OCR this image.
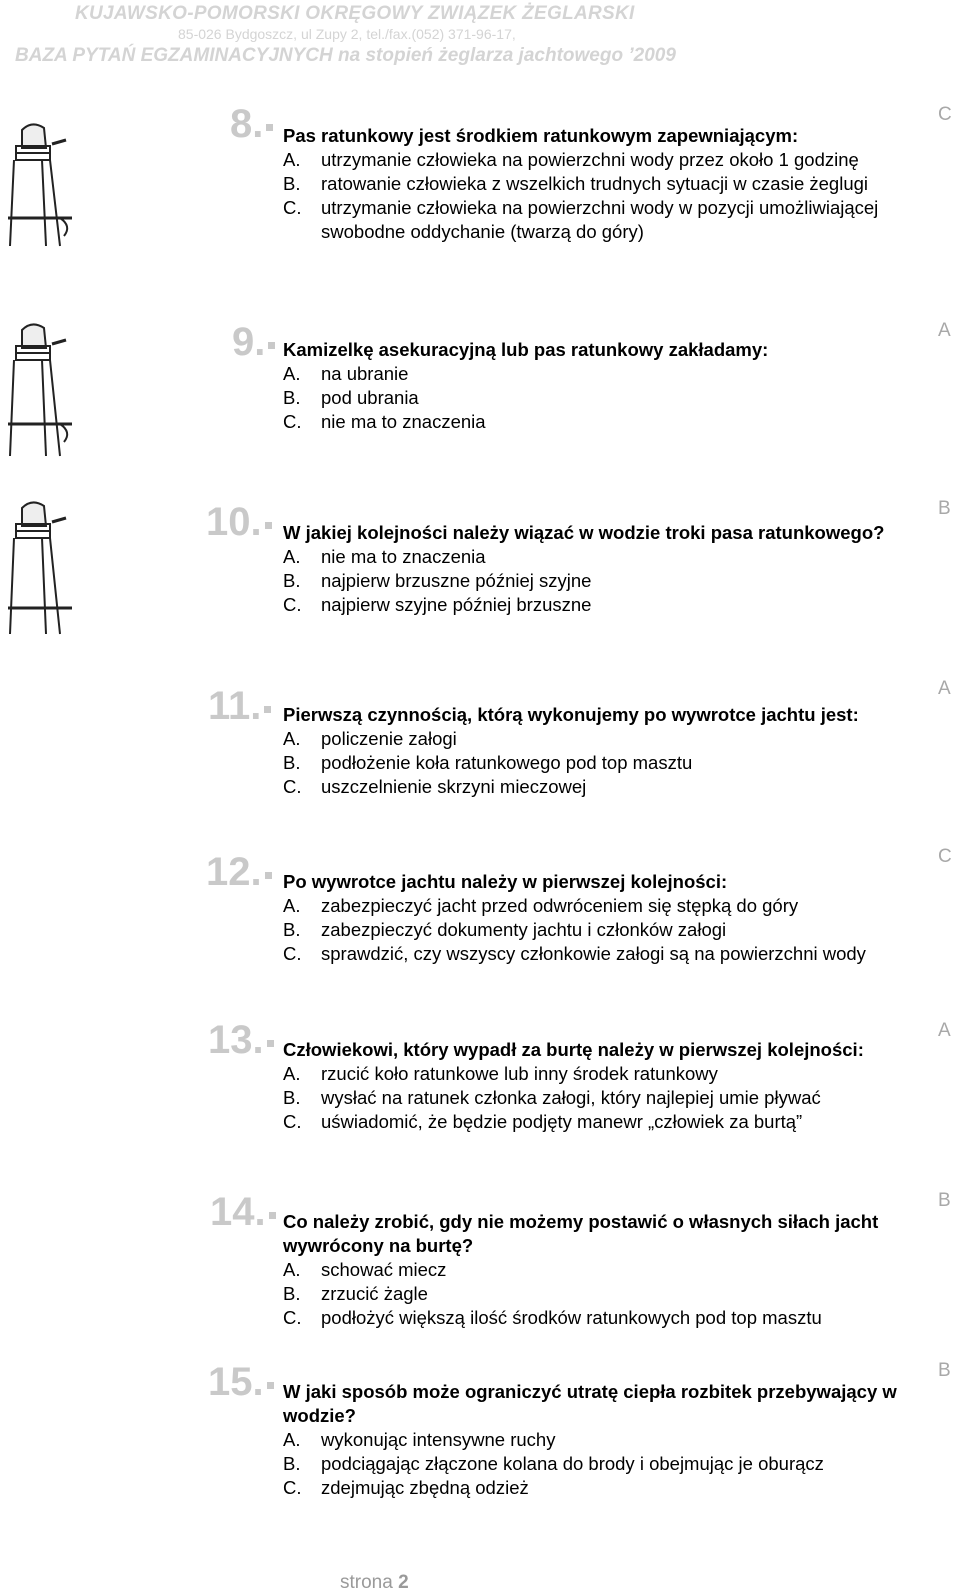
KUJAWSKO-POMORSKI OKRĘGOWY ZWIĄZEK ŻEGLARSKI
85-026 Bydgoszcz, ul Zupy 2, tel./fax.(052) 371-96-17,
BAZA PYTAŃ EGZAMINACYJNYCH na stopień żeglarza jachtowego ’2009
8.	Pas ratunkowy jest środkiem ratunkowym zapewniającym:
A. utrzymanie człowieka na powierzchni wody przez około 1 godzinę
B. ratowanie człowieka z wszelkich trudnych sytuacji w czasie żeglugi
C. utrzymanie człowieka na powierzchni wody w pozycji umożliwiającej swobodne oddychanie (twarzą do góry)
C
9. Kamizelkę asekuracyjną lub pas ratunkowy zakładamy:
A. na ubranie
B. pod ubrania
C. nie ma to znaczenia
A
10.	W jakiej kolejności należy wiązać w wodzie troki pasa ratunkowego?
A. nie ma to znaczenia
B. najpierw brzuszne później szyjne
C. najpierw szyjne później brzuszne
B
11.	Pierwszą czynnością, którą wykonujemy po wywrotce jachtu jest:
A. policzenie załogi
B. podłożenie koła ratunkowego pod top masztu
C. uszczelnienie skrzyni mieczowej
A
12.	Po wywrotce jachtu należy w pierwszej kolejności:
A. zabezpieczyć jacht przed odwróceniem się stępką do góry
B. zabezpieczyć dokumenty jachtu i członków załogi
C. sprawdzić, czy wszyscy członkowie załogi są na powierzchni wody
C
13.	Człowiekowi, który wypadł za burtę należy w pierwszej kolejności:
A. rzucić koło ratunkowe lub inny środek ratunkowy
B. wysłać na ratunek członka załogi, który najlepiej umie pływać
C. uświadomić, że będzie podjęty manewr „człowiek za burtą”
A
14. Co należy zrobić, gdy nie możemy postawić o własnych siłach jacht wywrócony na burtę?
A. schować miecz
B. zrzucić żagle
C. podłożyć większą ilość środków ratunkowych pod top masztu
B
15.	W jaki sposób może ograniczyć utratę ciepła rozbitek przebywający w wodzie?
A. wykonując intensywne ruchy
B. podciągając złączone kolana do brody i obejmując je oburącz
C. zdejmując zbędną odzież
B
strona 2
